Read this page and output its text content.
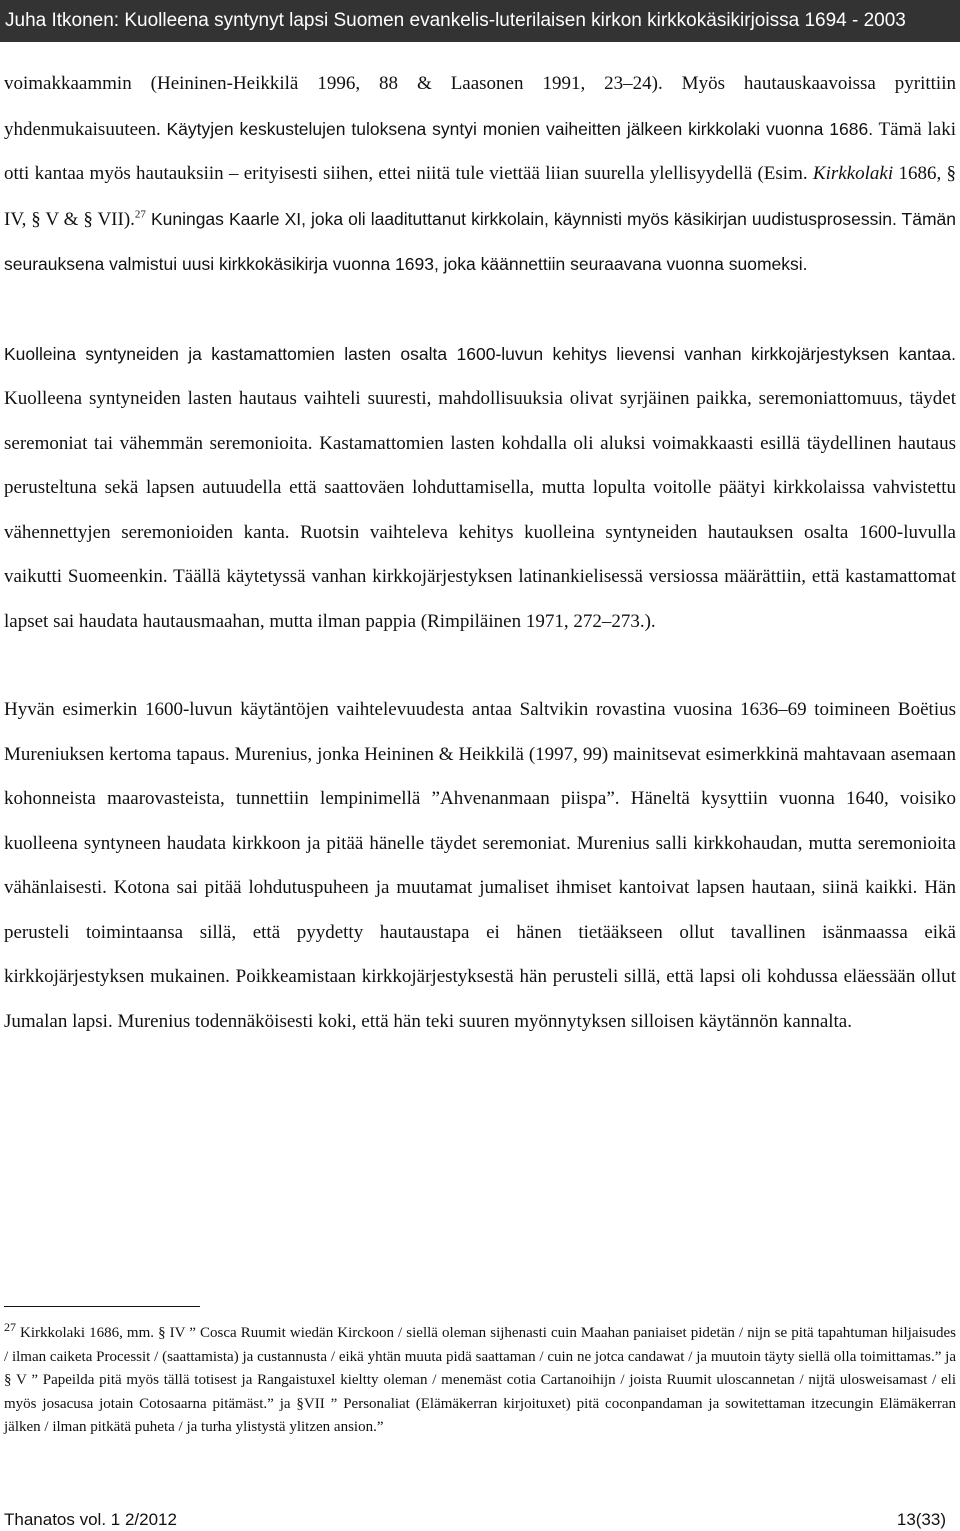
Juha Itkonen: Kuolleena syntynyt lapsi Suomen evankelis-luterilaisen kirkon kirkkokäsikirjoissa 1694 - 2003

voimakkaammin (Heininen-Heikkilä 1996, 88 & Laasonen 1991, 23–24). Myös hautauskaavoissa pyrittiin yhdenmukaisuuteen. Käytyjen keskustelujen tuloksena syntyi monien vaiheitten jälkeen kirkkolaki vuonna 1686. Tämä laki otti kantaa myös hautauksiin – erityisesti siihen, ettei niitä tule viettää liian suurella ylellisyydellä (Esim. Kirkkolaki 1686, § IV, § V & § VII).$^{27}$ Kuningas Kaarle XI, joka oli laadituttanut kirkkolain, käynnisti myös käsikirjan uudistusprosessin. Tämän seurauksena valmistui uusi kirkkokäsikirja vuonna 1693, joka käännettiin seuraavana vuonna suomeksi.

Kuolleina syntyneiden ja kastamattomien lasten osalta 1600-luvun kehitys lievensi vanhan kirkkojärjestyksen kantaa. Kuolleena syntyneiden lasten hautaus vaihteli suuresti, mahdollisuuksia olivat syrjäinen paikka, seremoniattomuus, täydet seremoniat tai vähemmän seremonioita. Kastamattomien lasten kohdalla oli aluksi voimakkaasti esillä täydellinen hautaus perusteltuna sekä lapsen autuudella että saattoväen lohduttamisella, mutta lopulta voitolle päätyi kirkkolaissa vahvistettu vähennettyjen seremonioiden kanta. Ruotsin vaihteleva kehitys kuolleina syntyneiden hautauksen osalta 1600-luvulla vaikutti Suomeenkin. Täällä käytetyssä vanhan kirkkojärjestyksen latinankielisessä versiossa määrättiin, että kastamattomat lapset sai haudata hautausmaahan, mutta ilman pappia (Rimpiläinen 1971, 272–273.).

Hyvän esimerkin 1600-luvun käytäntöjen vaihtelevuudesta antaa Saltvikin rovastina vuosina 1636–69 toimineen Boëtius Mureniuksen kertoma tapaus. Murenius, jonka Heininen & Heikkilä (1997, 99) mainitsevat esimerkkinä mahtavaan asemaan kohonneista maarovasteista, tunnettiin lempinimellä ”Ahvenanmaan piispa”. Häneltä kysyttiin vuonna 1640, voisiko kuolleena syntyneen haudata kirkkoon ja pitää hänelle täydet seremoniat. Murenius salli kirkkohaudan, mutta seremonioita vähänlaisesti. Kotona sai pitää lohdutuspuheen ja muutamat jumaliset ihmiset kantoivat lapsen hautaan, siinä kaikki. Hän perusteli toimintaansa sillä, että pyydetty hautaustapa ei hänen tietääkseen ollut tavallinen isänmaassa eikä kirkkojärjestyksen mukainen. Poikkeamistaan kirkkojärjestyksestä hän perusteli sillä, että lapsi oli kohdussa eläessään ollut Jumalan lapsi. Murenius todennäköisesti koki, että hän teki suuren myönnytyksen silloisen käytännön kannalta.

$^{27}$ Kirkkolaki 1686, mm. § IV ” Cosca Ruumit wiedän Kirckoon / siellä oleman sijhenasti cuin Maahan paniaiset pidetän / nijn se pitä tapahtuman hiljaisudes / ilman caiketa Processit / (saattamista) ja custannusta / eikä yhtän muuta pidä saattaman / cuin ne jotca candawat / ja muutoin täyty siellä olla toimittamas.” ja § V ” Papeilda pitä myös tällä totisest ja Rangaistuxel kieltty oleman / menemäst cotia Cartanoihijn / joista Ruumit uloscannetan / nijtä ulosweisamast / eli myös josacusa jotain Cotosaarna pitämäst.” ja §VII ” Personaliat (Elämäkerran kirjoituxet) pitä coconpandaman ja sowitettaman itzecungin Elämäkerran jälken / ilman pitkätä puheta / ja turha ylistystä ylitzen ansion.”
Thanatos vol. 1 2/2012	13(33)
